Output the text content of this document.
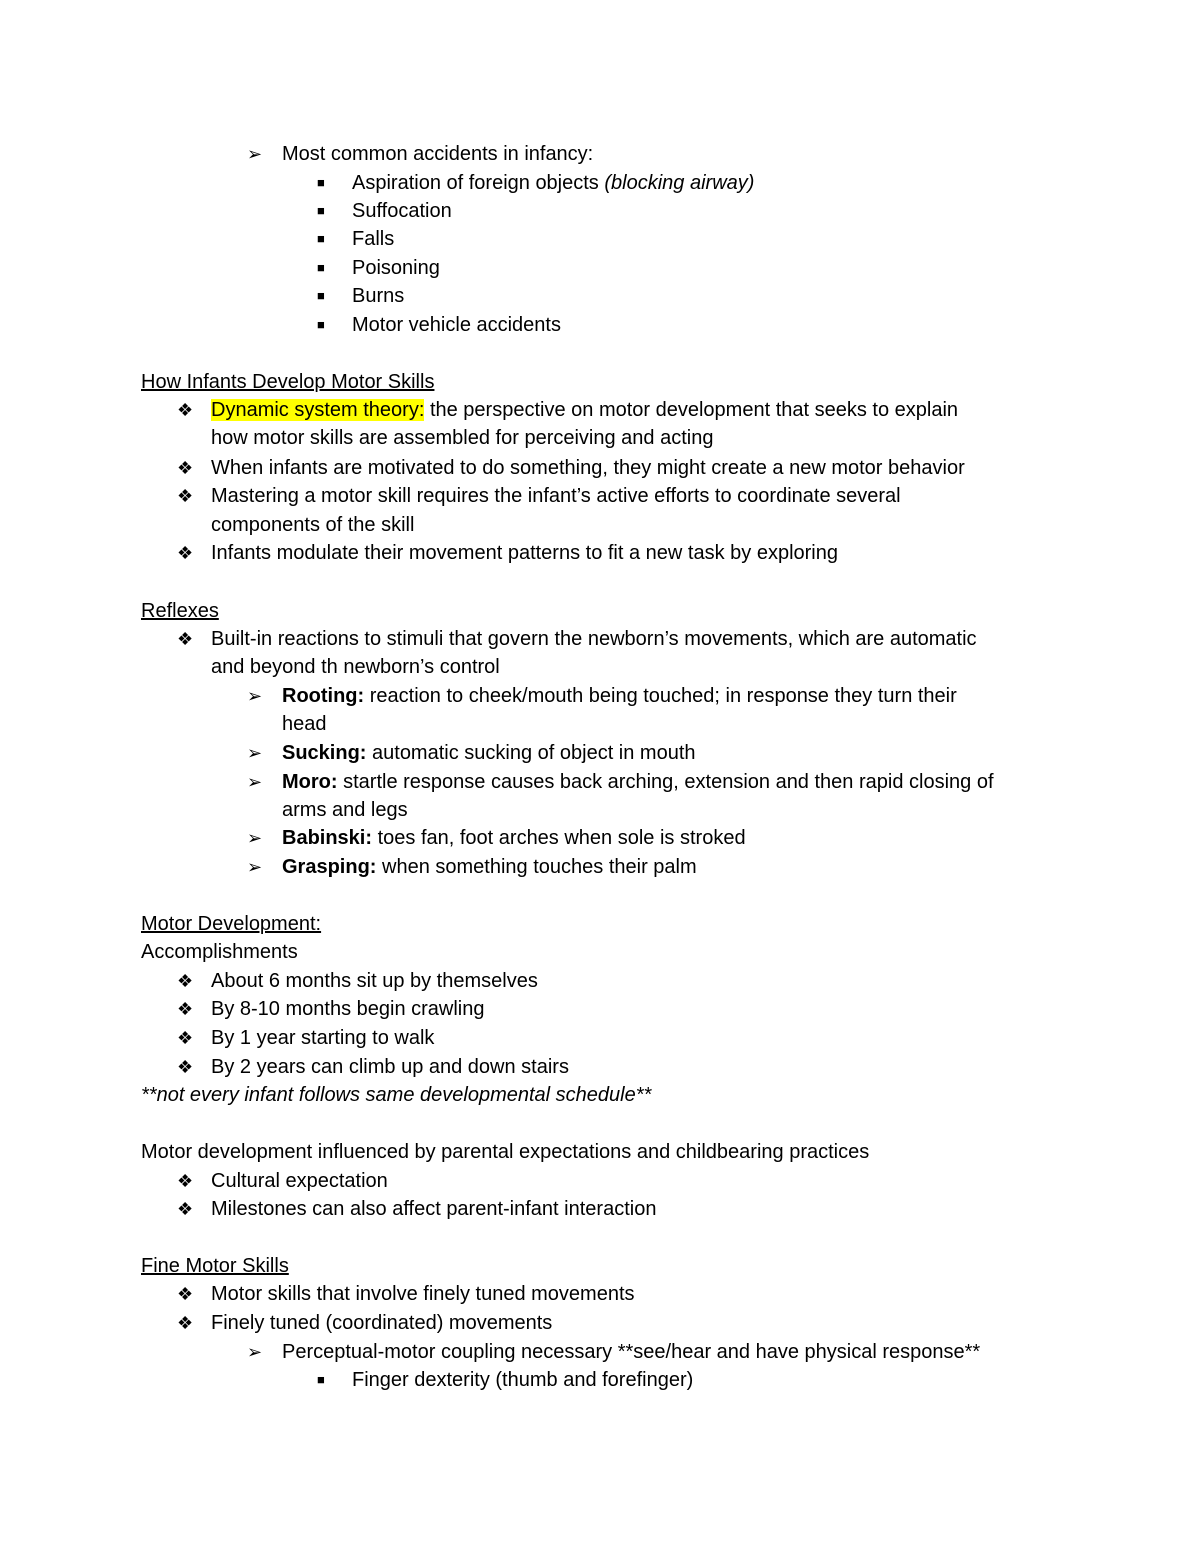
➢ Most common accidents in infancy:
■ Aspiration of foreign objects (blocking airway)
■ Suffocation
■ Falls
■ Poisoning
■ Burns
■ Motor vehicle accidents
How Infants Develop Motor Skills
❖ Dynamic system theory: the perspective on motor development that seeks to explain
how motor skills are assembled for perceiving and acting
❖ When infants are motivated to do something, they might create a new motor behavior
❖ Mastering a motor skill requires the infant’s active efforts to coordinate several
components of the skill
❖ Infants modulate their movement patterns to fit a new task by exploring
Reflexes
❖ Built-in reactions to stimuli that govern the newborn’s movements, which are automatic
and beyond th newborn’s control
➢ Rooting: reaction to cheek/mouth being touched; in response they turn their
head
➢ Sucking: automatic sucking of object in mouth
➢ Moro: startle response causes back arching, extension and then rapid closing of
arms and legs
➢ Babinski: toes fan, foot arches when sole is stroked
➢ Grasping: when something touches their palm
Motor Development:
Accomplishments
❖ About 6 months sit up by themselves
❖ By 8-10 months begin crawling
❖ By 1 year starting to walk
❖ By 2 years can climb up and down stairs
**not every infant follows same developmental schedule**
Motor development influenced by parental expectations and childbearing practices
❖ Cultural expectation
❖ Milestones can also affect parent-infant interaction
Fine Motor Skills
❖ Motor skills that involve finely tuned movements
❖ Finely tuned (coordinated) movements
➢ Perceptual-motor coupling necessary **see/hear and have physical response**
■ Finger dexterity (thumb and forefinger)
